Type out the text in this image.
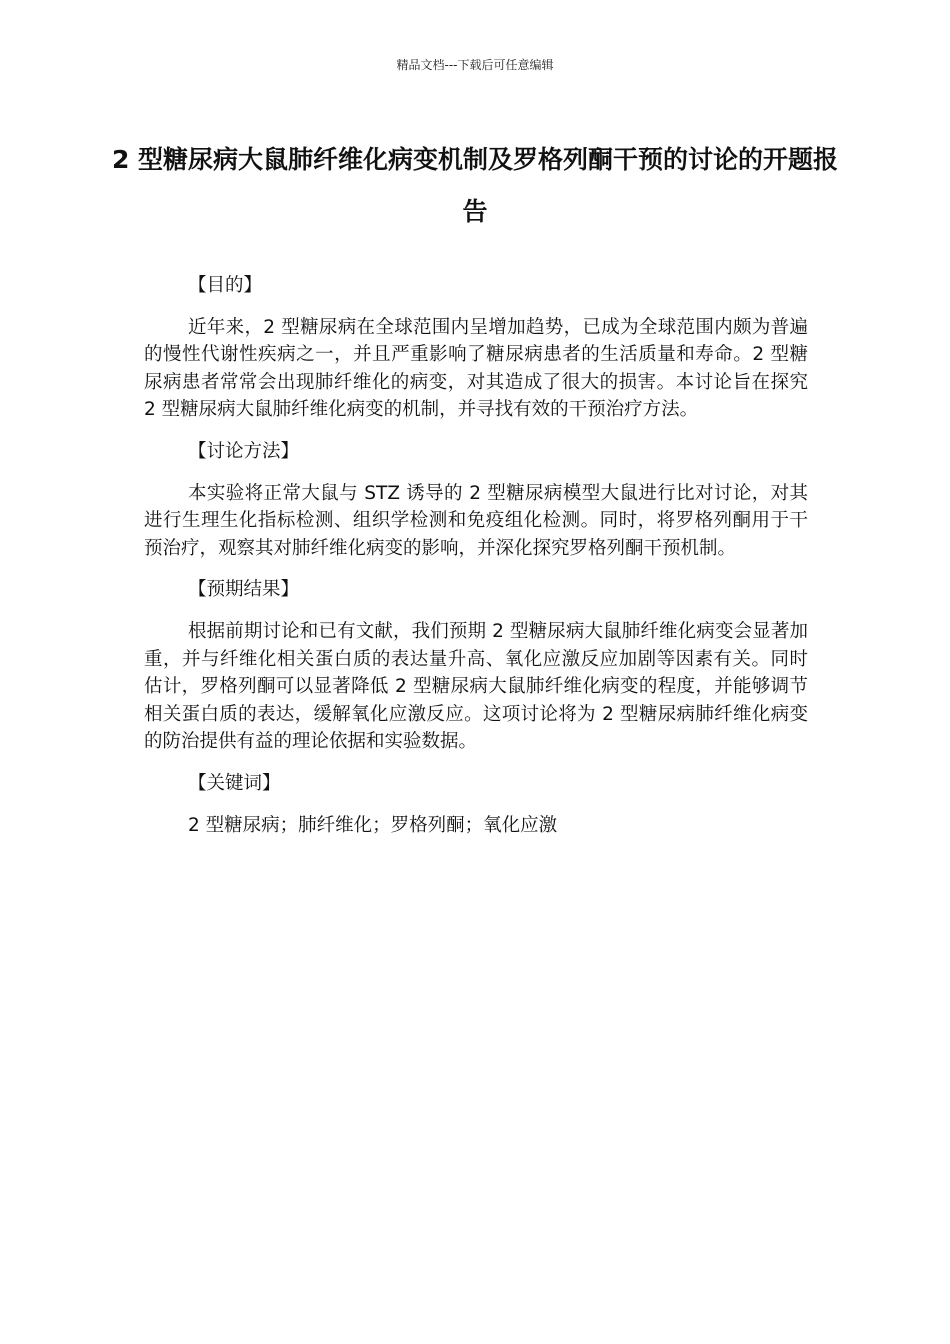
精品文档---下载后可任意编辑
2 型糖尿病大鼠肺纤维化病变机制及罗格列酮干预的讨论的开题报告
【目的】

近年来，2 型糖尿病在全球范围内呈增加趋势，已成为全球范围内颇为普遍的慢性代谢性疾病之一，并且严重影响了糖尿病患者的生活质量和寿命。2 型糖尿病患者常常会出现肺纤维化的病变，对其造成了很大的损害。本讨论旨在探究 2 型糖尿病大鼠肺纤维化病变的机制，并寻找有效的干预治疗方法。

【讨论方法】

本实验将正常大鼠与 STZ 诱导的 2 型糖尿病模型大鼠进行比对讨论，对其进行生理生化指标检测、组织学检测和免疫组化检测。同时，将罗格列酮用于干预治疗，观察其对肺纤维化病变的影响，并深化探究罗格列酮干预机制。

【预期结果】

根据前期讨论和已有文献，我们预期 2 型糖尿病大鼠肺纤维化病变会显著加重，并与纤维化相关蛋白质的表达量升高、氧化应激反应加剧等因素有关。同时估计，罗格列酮可以显著降低 2 型糖尿病大鼠肺纤维化病变的程度，并能够调节相关蛋白质的表达，缓解氧化应激反应。这项讨论将为 2 型糖尿病肺纤维化病变的防治提供有益的理论依据和实验数据。

【关键词】

2 型糖尿病；肺纤维化；罗格列酮；氧化应激
